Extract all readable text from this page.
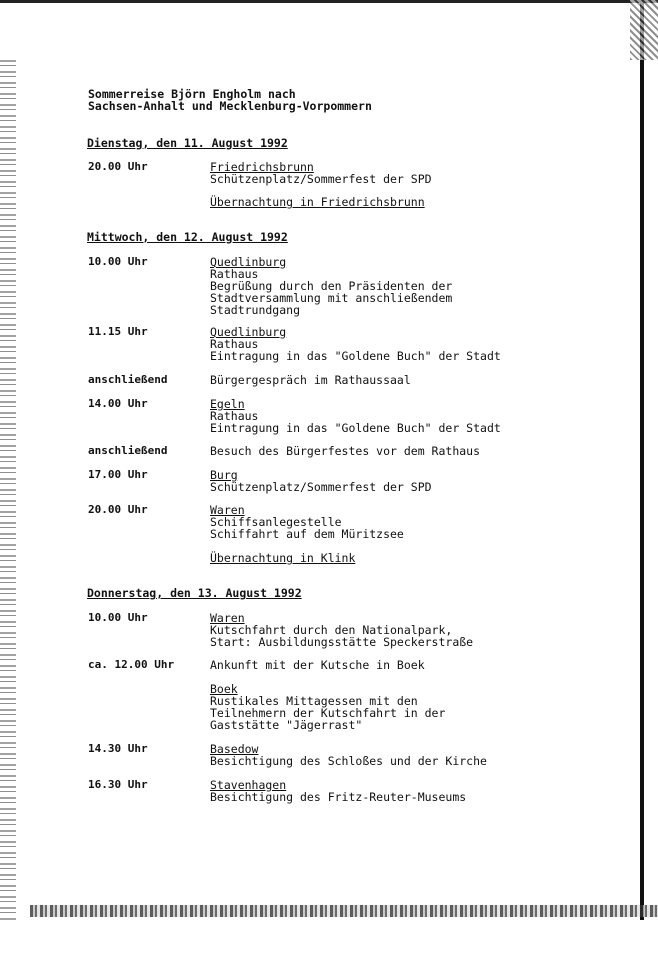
Sommerreise Björn Engholm nach
Sachsen-Anhalt und Mecklenburg-Vorpommern
Dienstag, den 11. August 1992
20.00 Uhr	Friedrichsbrunn
Schützenplatz/Sommerfest der SPD
Übernachtung in Friedrichsbrunn
Mittwoch, den 12. August 1992
10.00 Uhr	Quedlinburg
Rathaus
Begrüßung durch den Präsidenten der
Stadtversammlung mit anschließendem
Stadtrundgang
11.15 Uhr	Quedlinburg
Rathaus
Eintragung in das "Goldene Buch" der Stadt
anschließend	Bürgergespräch im Rathaussaal
14.00 Uhr	Egeln
Rathaus
Eintragung in das "Goldene Buch" der Stadt
anschließend	Besuch des Bürgerfestes vor dem Rathaus
17.00 Uhr	Burg
Schützenplatz/Sommerfest der SPD
20.00 Uhr	Waren
Schiffsanlegestelle
Schiffahrt auf dem Müritzsee
Übernachtung in Klink
Donnerstag, den 13. August 1992
10.00 Uhr	Waren
Kutschfahrt durch den Nationalpark,
Start: Ausbildungsstätte Speckerstraße
ca. 12.00 Uhr	Ankunft mit der Kutsche in Boek
Boek
Rustikales Mittagessen mit den
Teilnehmern der Kutschfahrt in der
Gaststätte "Jägerrast"
14.30 Uhr	Basedow
Besichtigung des Schloßes und der Kirche
16.30 Uhr	Stavenhagen
Besichtigung des Fritz-Reuter-Museums
